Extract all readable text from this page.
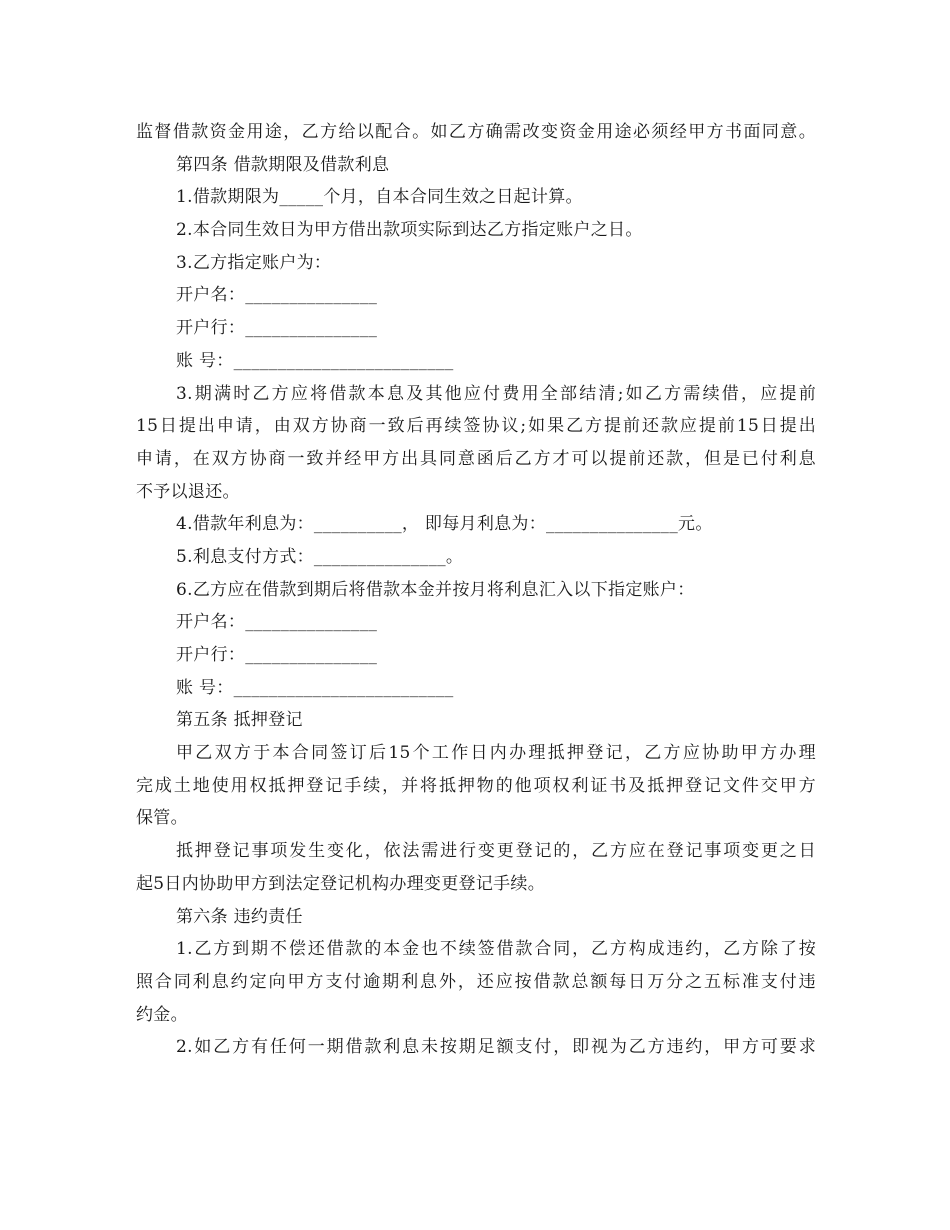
监督借款资金用途，乙方给以配合。如乙方确需改变资金用途必须经甲方书面同意。
第四条 借款期限及借款利息
1.借款期限为_____个月，自本合同生效之日起计算。
2.本合同生效日为甲方借出款项实际到达乙方指定账户之日。
3.乙方指定账户为：
开户名：_______________
开户行：_______________
账 号：_________________________
3.期满时乙方应将借款本息及其他应付费用全部结清;如乙方需续借，应提前
15日提出申请，由双方协商一致后再续签协议;如果乙方提前还款应提前15日提出
申请，在双方协商一致并经甲方出具同意函后乙方才可以提前还款，但是已付利息
不予以退还。
4.借款年利息为：__________， 即每月利息为：_______________元。
5.利息支付方式：_______________。
6.乙方应在借款到期后将借款本金并按月将利息汇入以下指定账户：
开户名：_______________
开户行：_______________
账 号：_________________________
第五条 抵押登记
甲乙双方于本合同签订后15个工作日内办理抵押登记，乙方应协助甲方办理
完成土地使用权抵押登记手续，并将抵押物的他项权利证书及抵押登记文件交甲方
保管。
抵押登记事项发生变化，依法需进行变更登记的，乙方应在登记事项变更之日
起5日内协助甲方到法定登记机构办理变更登记手续。
第六条 违约责任
1.乙方到期不偿还借款的本金也不续签借款合同，乙方构成违约，乙方除了按
照合同利息约定向甲方支付逾期利息外，还应按借款总额每日万分之五标准支付违
约金。
2.如乙方有任何一期借款利息未按期足额支付，即视为乙方违约，甲方可要求
